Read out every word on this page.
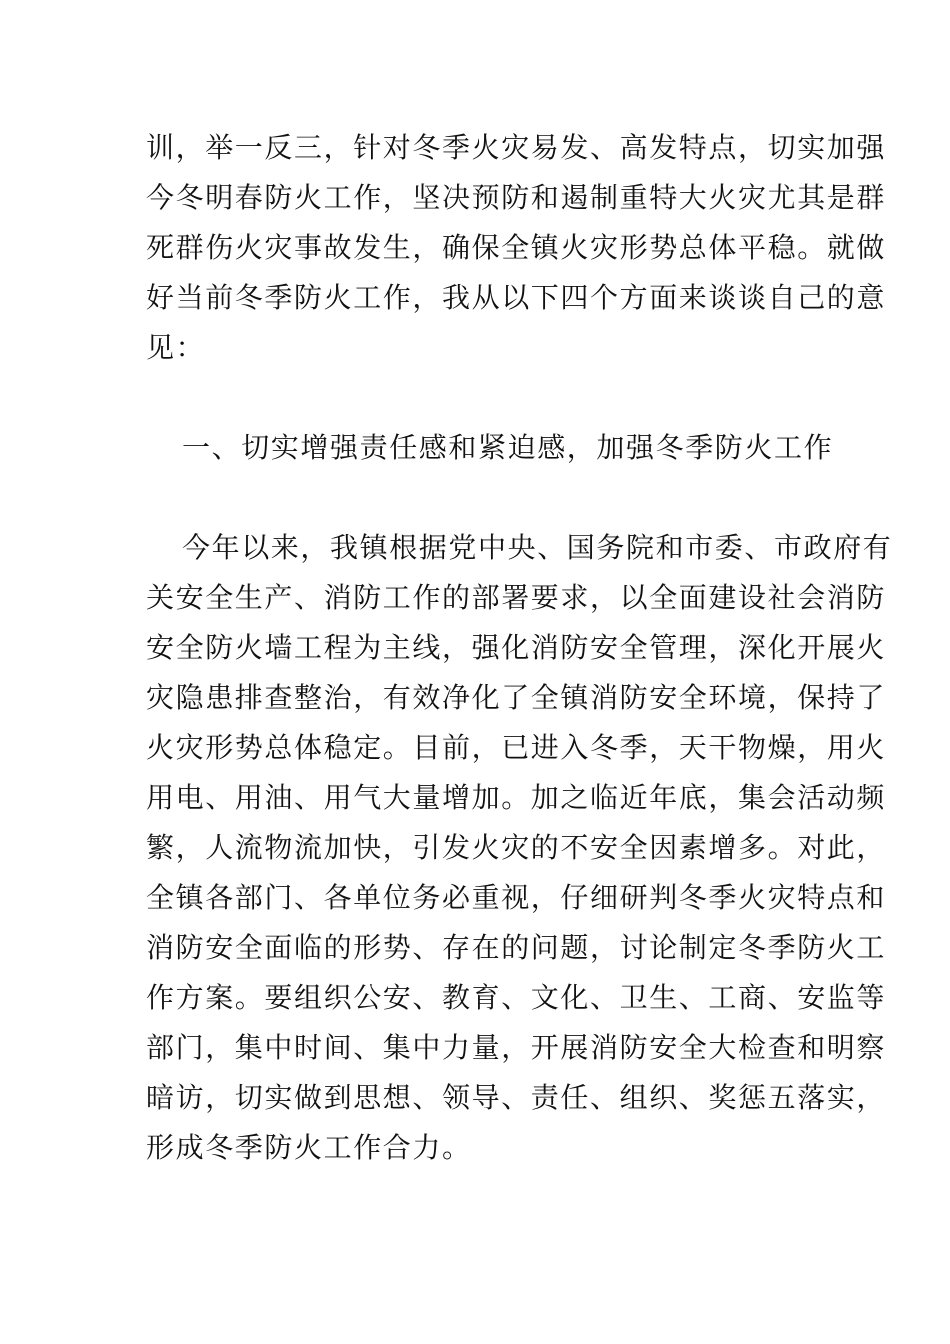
训，举一反三，针对冬季火灾易发、高发特点，切实加强
今冬明春防火工作，坚决预防和遏制重特大火灾尤其是群
死群伤火灾事故发生，确保全镇火灾形势总体平稳。就做
好当前冬季防火工作，我从以下四个方面来谈谈自己的意
见：
一、切实增强责任感和紧迫感，加强冬季防火工作
今年以来，我镇根据党中央、国务院和市委、市政府有
关安全生产、消防工作的部署要求，以全面建设社会消防
安全防火墙工程为主线，强化消防安全管理，深化开展火
灾隐患排查整治，有效净化了全镇消防安全环境，保持了
火灾形势总体稳定。目前，已进入冬季，天干物燥，用火
用电、用油、用气大量增加。加之临近年底，集会活动频
繁，人流物流加快，引发火灾的不安全因素增多。对此，
全镇各部门、各单位务必重视，仔细研判冬季火灾特点和
消防安全面临的形势、存在的问题，讨论制定冬季防火工
作方案。要组织公安、教育、文化、卫生、工商、安监等
部门，集中时间、集中力量，开展消防安全大检查和明察
暗访，切实做到思想、领导、责任、组织、奖惩五落实，
形成冬季防火工作合力。
